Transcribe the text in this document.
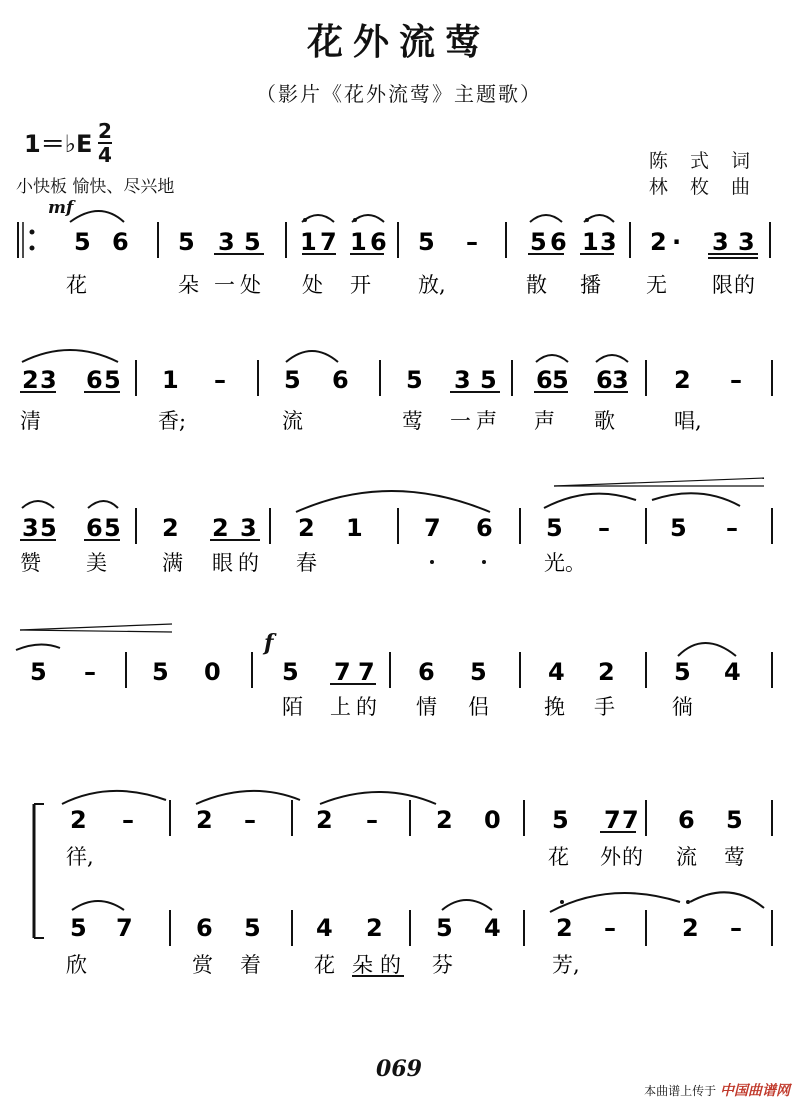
花外流莺
（影片《花外流莺》主题歌）
1＝♭E 2
4
小快板 愉快、尽兴地
陈 式 词
林 枚 曲
mf
f
5 6 5 3 5 1 7 1 6 5 – 5 6 1 3 2 · 3 3
花	朵 一 处 处 开 放,	散 播 无 限 的
2 3 6 5 1 – 5 6 5 3 5 6 5 6 3 2 –
清	香;	流	莺 一 声 声 歌	唱,
3 5 6 5 2 2 3 2 1	7 6 5 –	5 –
赞 美	满 眼 的 春	光。
5 – 5 0	5 7 7 6 5	4 2 5 4
陌 上 的 情 侣	挽 手	徜
2 –	2 –	2 – 2 0 5 7 7 6 5
徉,	花 外 的 流 莺
5 7	6 5 4 2 5 4 2 –	2 –
欣	赏 着	花 朵 的 芬	芳,
069
本曲谱上传于 中国曲谱网
